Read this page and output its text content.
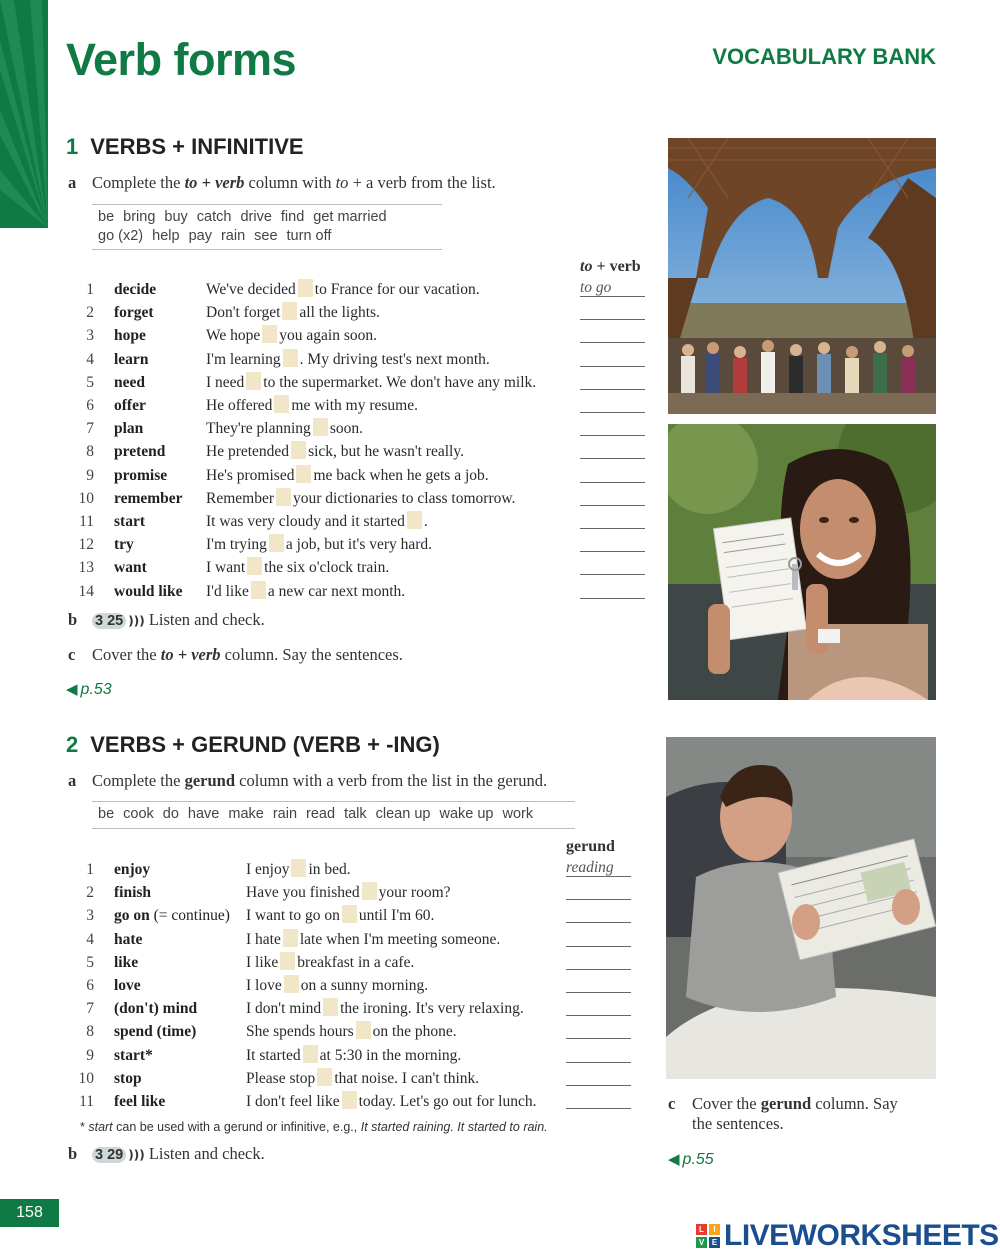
Verb forms	VOCABULARY BANK
1 VERBS + INFINITIVE
a Complete the to + verb column with to + a verb from the list.
be bring buy catch drive find get married
go (x2) help pay rain see turn off
to + verb
1 decide	We've decided to France for our vacation.	to go
2 forget	Don't forget all the lights.
3 hope	We hope you again soon.
4 learn	I'm learning . My driving test's next month.
5 need	I need to the supermarket. We don't have any milk.
6 offer	He offered me with my resume.
7 plan	They're planning soon.
8 pretend	He pretended sick, but he wasn't really.
9 promise	He's promised me back when he gets a job.
10 remember Remember your dictionaries to class tomorrow.
11 start	It was very cloudy and it started .
12 try	I'm trying a job, but it's very hard.
13 want	I want the six o'clock train.
14 would like I'd like a new car next month.
b 3 25 ))) Listen and check.
c Cover the to + verb column. Say the sentences.
◀ p.53
2 VERBS + GERUND (VERB + -ING)
a Complete the gerund column with a verb from the list in the gerund.
be cook do have make rain read talk clean up wake up work
gerund
1 enjoy	I enjoy in bed.	reading
2 finish	Have you finished your room?
3 go on (= continue) I want to go on until I'm 60.
4 hate	I hate late when I'm meeting someone.
5 like	I like breakfast in a cafe.
6 love	I love on a sunny morning.
7 (don't) mind	I don't mind the ironing. It's very relaxing.
8 spend (time)	She spends hours on the phone.
9 start*	It started at 5:30 in the morning.
10 stop	Please stop that noise. I can't think.
11 feel like	I don't feel like today. Let's go out for lunch.
* start can be used with a gerund or infinitive, e.g., It started raining. It started to rain.
b 3 29 ))) Listen and check.
c Cover the gerund column. Say
the sentences.
◀ p.55
158
L	I
V E LIVEWORKSHEETS
